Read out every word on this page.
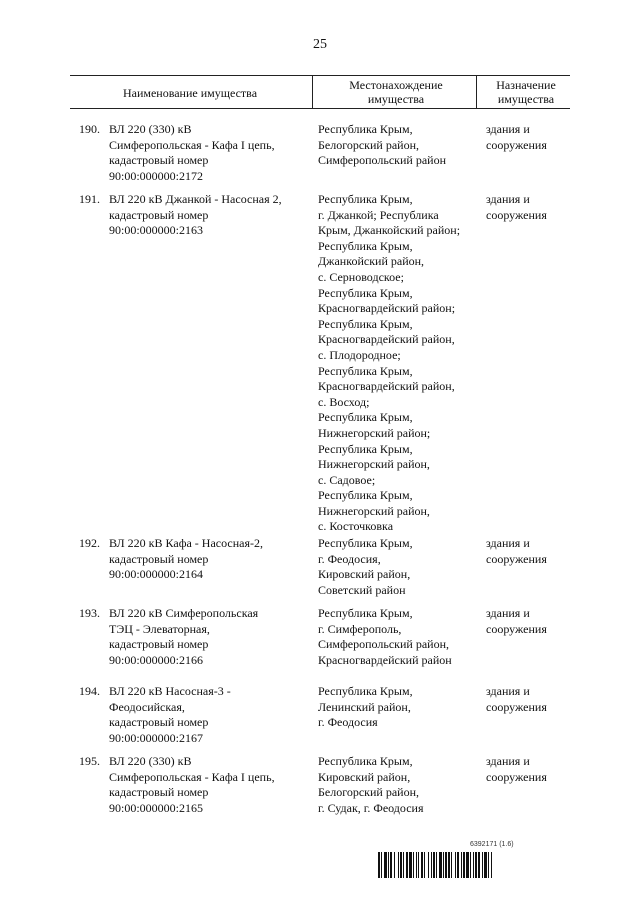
25
Наименование имущества
Местонахождение
имущества
Назначение
имущества
190. ВЛ 220 (330) кВ
Симферопольская - Кафа I цепь,
кадастровый номер
90:00:000000:2172
Республика Крым,
Белогорский район,
Симферопольский район
здания и
сооружения
191. ВЛ 220 кВ Джанкой - Насосная 2,
кадастровый номер
90:00:000000:2163
Республика Крым,
г. Джанкой; Республика
Крым, Джанкойский район;
Республика Крым,
Джанкойский район,
с. Серноводское;
Республика Крым,
Красногвардейский район;
Республика Крым,
Красногвардейский район,
с. Плодородное;
Республика Крым,
Красногвардейский район,
с. Восход;
Республика Крым,
Нижнегорский район;
Республика Крым,
Нижнегорский район,
с. Садовое;
Республика Крым,
Нижнегорский район,
с. Косточковка
здания и
сооружения
192. ВЛ 220 кВ Кафа - Насосная-2,
кадастровый номер
90:00:000000:2164
Республика Крым,
г. Феодосия,
Кировский район,
Советский район
здания и
сооружения
193. ВЛ 220 кВ Симферопольская
ТЭЦ - Элеваторная,
кадастровый номер
90:00:000000:2166
Республика Крым,
г. Симферополь,
Симферопольский район,
Красногвардейский район
здания и
сооружения
194. ВЛ 220 кВ Насосная-3 -
Феодосийская,
кадастровый номер
90:00:000000:2167
Республика Крым,
Ленинский район,
г. Феодосия
здания и
сооружения
195. ВЛ 220 (330) кВ
Симферопольская - Кафа I цепь,
кадастровый номер
90:00:000000:2165
Республика Крым,
Кировский район,
Белогорский район,
г. Судак, г. Феодосия
здания и
сооружения
6392171 (1.6)
